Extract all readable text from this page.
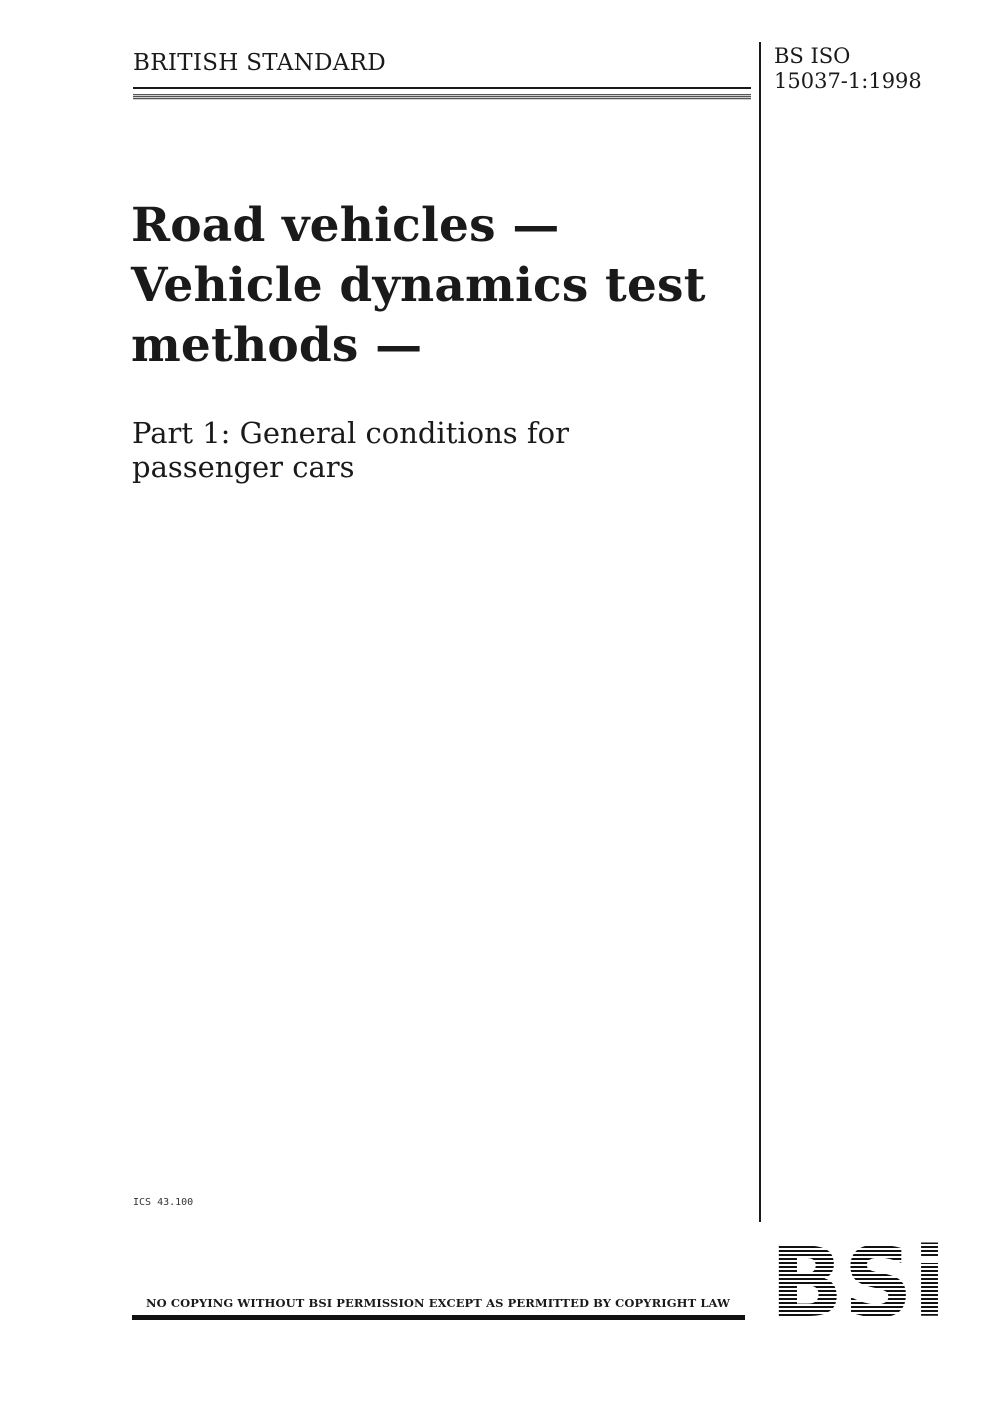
BRITISH STANDARD	BS ISO
15037-1:1998
Road vehicles —
Vehicle dynamics test
methods —
Part 1: General conditions for
passenger cars
ICS 43.100
NO COPYING WITHOUT BSI PERMISSION EXCEPT AS PERMITTED BY COPYRIGHT LAW
